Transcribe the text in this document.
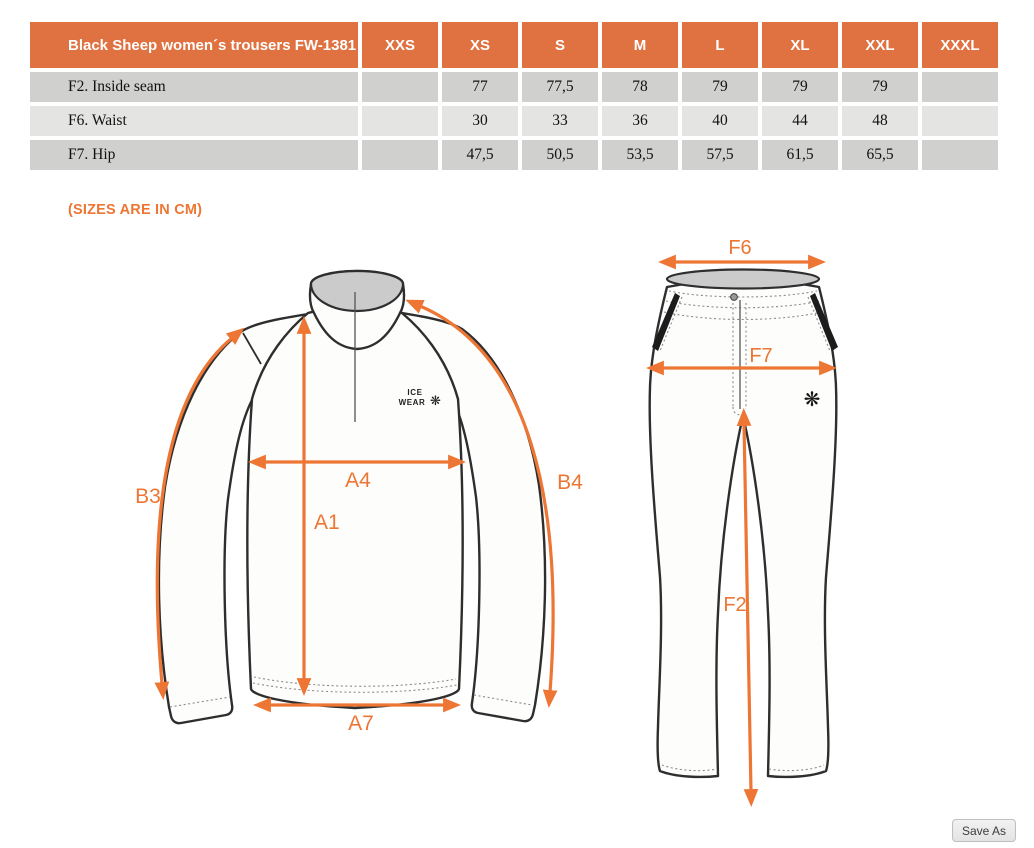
Black Sheep women´s trousers FW-1381	XXS	XS	S	M	L	XL	XXL	XXXL
F2. Inside seam		77	77,5	78	79	79	79	
F6. Waist		30	33	36	40	44	48	
F7. Hip		47,5	50,5	53,5	57,5	61,5	65,5	
(SIZES ARE IN CM)
ICE
WEAR ❋
B3
A4
A1
B4
A7
❋
F6
F7
F2
Save As
